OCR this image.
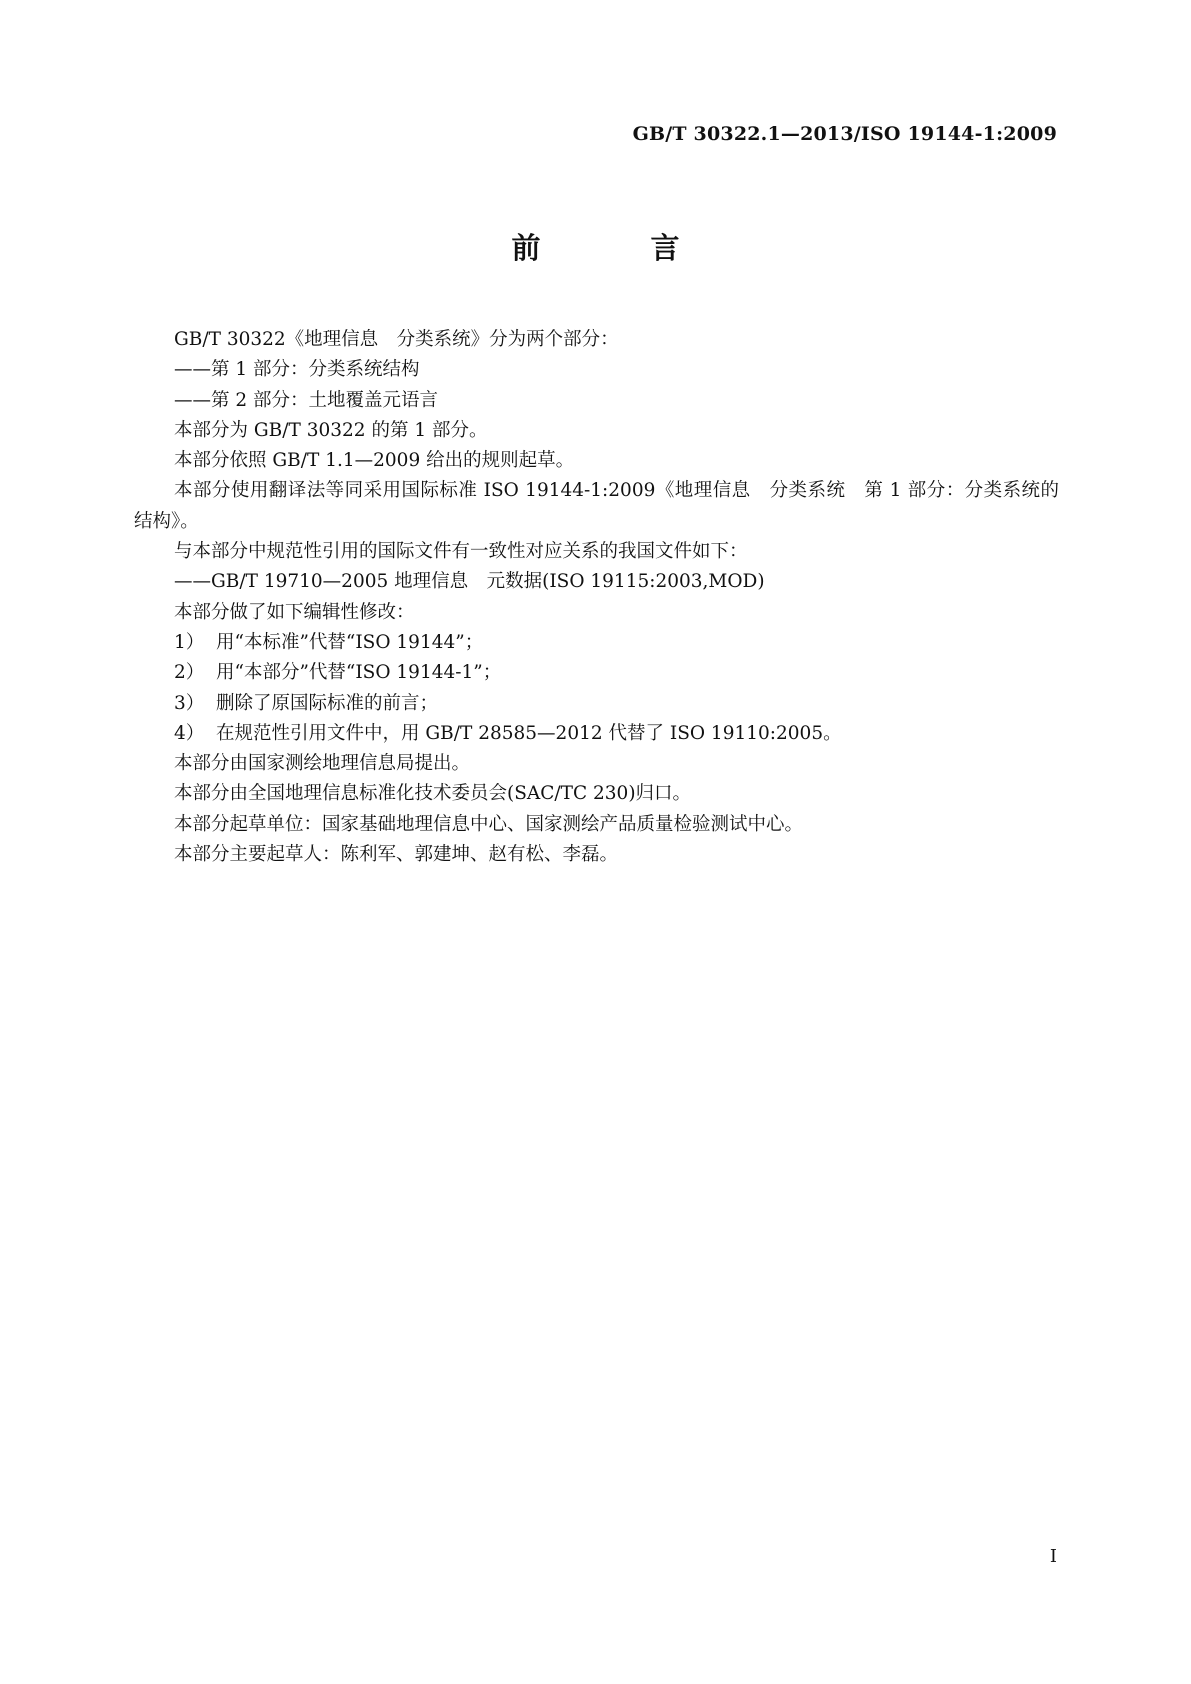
GB/T 30322.1—2013/ISO 19144-1:2009
前 言

GB/T 30322《地理信息　分类系统》分为两个部分：

——第 1 部分：分类系统结构

——第 2 部分：土地覆盖元语言

本部分为 GB/T 30322 的第 1 部分。

本部分依照 GB/T 1.1—2009 给出的规则起草。

本部分使用翻译法等同采用国际标准 ISO 19144-1:2009《地理信息　分类系统　第 1 部分：分类系统的结构》。

与本部分中规范性引用的国际文件有一致性对应关系的我国文件如下：

——GB/T 19710—2005 地理信息　元数据(ISO 19115:2003,MOD)

本部分做了如下编辑性修改：

1） 用“本标准”代替“ISO 19144”；
2） 用“本部分”代替“ISO 19144-1”；
3） 删除了原国际标准的前言；
4） 在规范性引用文件中，用 GB/T 28585—2012 代替了 ISO 19110:2005。

本部分由国家测绘地理信息局提出。

本部分由全国地理信息标准化技术委员会(SAC/TC 230)归口。

本部分起草单位：国家基础地理信息中心、国家测绘产品质量检验测试中心。

本部分主要起草人：陈利军、郭建坤、赵有松、李磊。

I
